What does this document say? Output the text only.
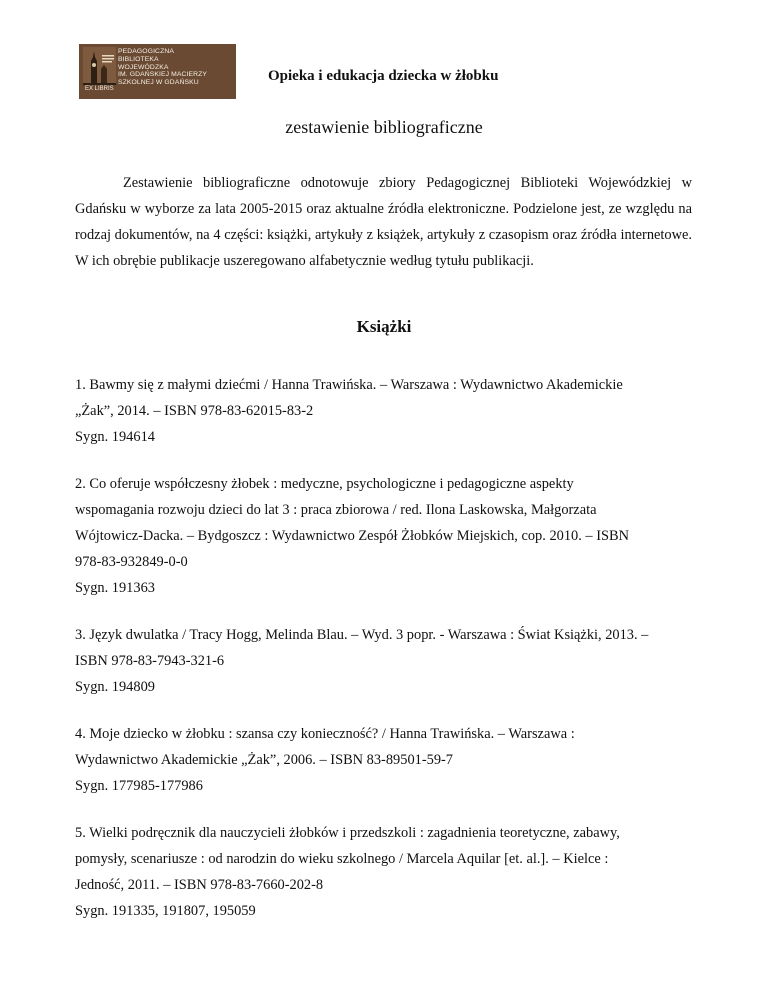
PEDAGOGICZNA
BIBLIOTEKA
WOJEWÓDZKA
IM. GDAŃSKIEJ MACIERZY
SZKOLNEJ W GDAŃSKU
EX LIBRIS
Opieka i edukacja dziecka w żłobku
zestawienie bibliograficzne

Zestawienie bibliograficzne odnotowuje zbiory Pedagogicznej Biblioteki Wojewódzkiej w Gdańsku w wyborze za lata 2005-2015 oraz aktualne źródła elektroniczne. Podzielone jest, ze względu na rodzaj dokumentów, na 4 części: książki, artykuły z książek, artykuły z czasopism oraz źródła internetowe. W ich obrębie publikacje uszeregowano alfabetycznie według tytułu publikacji.

Książki
1. Bawmy się z małymi dziećmi / Hanna Trawińska. – Warszawa : Wydawnictwo Akademickie
„Żak”, 2014. – ISBN 978-83-62015-83-2
Sygn. 194614
2. Co oferuje współczesny żłobek : medyczne, psychologiczne i pedagogiczne aspekty
wspomagania rozwoju dzieci do lat 3 : praca zbiorowa / red. Ilona Laskowska, Małgorzata
Wójtowicz-Dacka. – Bydgoszcz : Wydawnictwo Zespół Żłobków Miejskich, cop. 2010. – ISBN
978-83-932849-0-0
Sygn. 191363
3. Język dwulatka / Tracy Hogg, Melinda Blau. – Wyd. 3 popr. - Warszawa : Świat Książki, 2013. –
ISBN 978-83-7943-321-6
Sygn. 194809
4. Moje dziecko w żłobku : szansa czy konieczność? / Hanna Trawińska. – Warszawa :
Wydawnictwo Akademickie „Żak”, 2006. – ISBN 83-89501-59-7
Sygn. 177985-177986
5. Wielki podręcznik dla nauczycieli żłobków i przedszkoli : zagadnienia teoretyczne, zabawy,
pomysły, scenariusze : od narodzin do wieku szkolnego / Marcela Aquilar [et. al.]. – Kielce :
Jedność, 2011. – ISBN 978-83-7660-202-8
Sygn. 191335, 191807, 195059
